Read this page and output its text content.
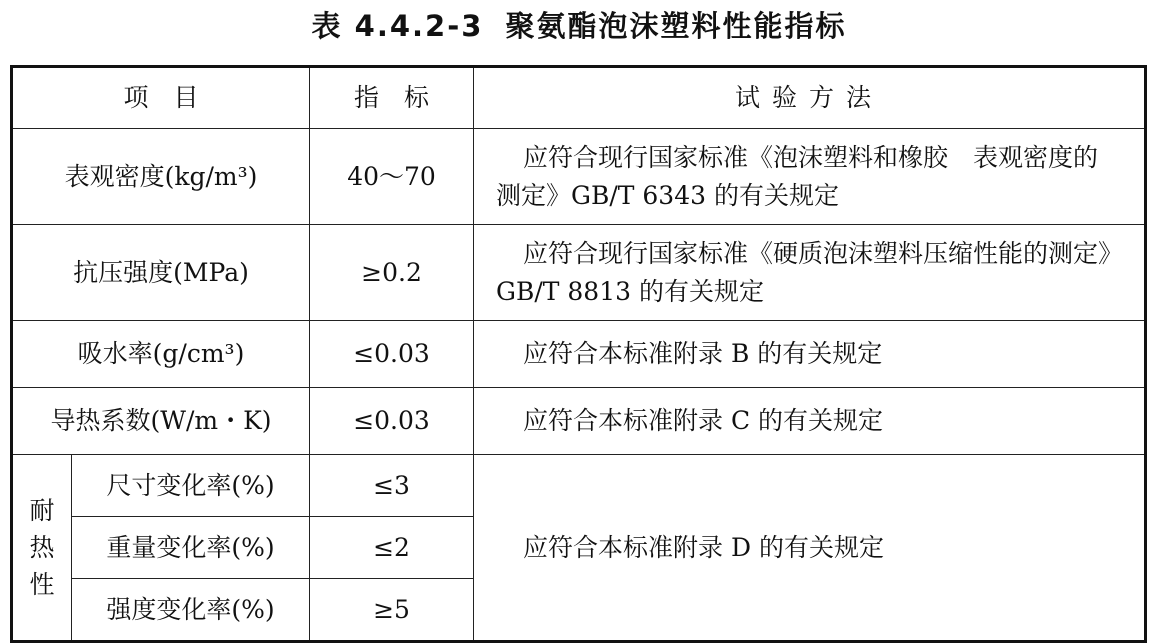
表 4.4.2-3 聚氨酯泡沫塑料性能指标
项　目		指　标	试验方法
表观密度(kg/m³)		40～70	应符合现行国家标准《泡沫塑料和橡胶　表观密度的测定》GB/T 6343 的有关规定
抗压强度(MPa)		≥0.2	应符合现行国家标准《硬质泡沫塑料压缩性能的测定》GB/T 8813 的有关规定
吸水率(g/cm³)		≤0.03	应符合本标准附录 B 的有关规定
导热系数(W/m・K)		≤0.03	应符合本标准附录 C 的有关规定

耐
热
性	尺寸变化率(%)	≤3	应符合本标准附录 D 的有关规定
	重量变化率(%)	≤2	
	强度变化率(%)	≥5	
